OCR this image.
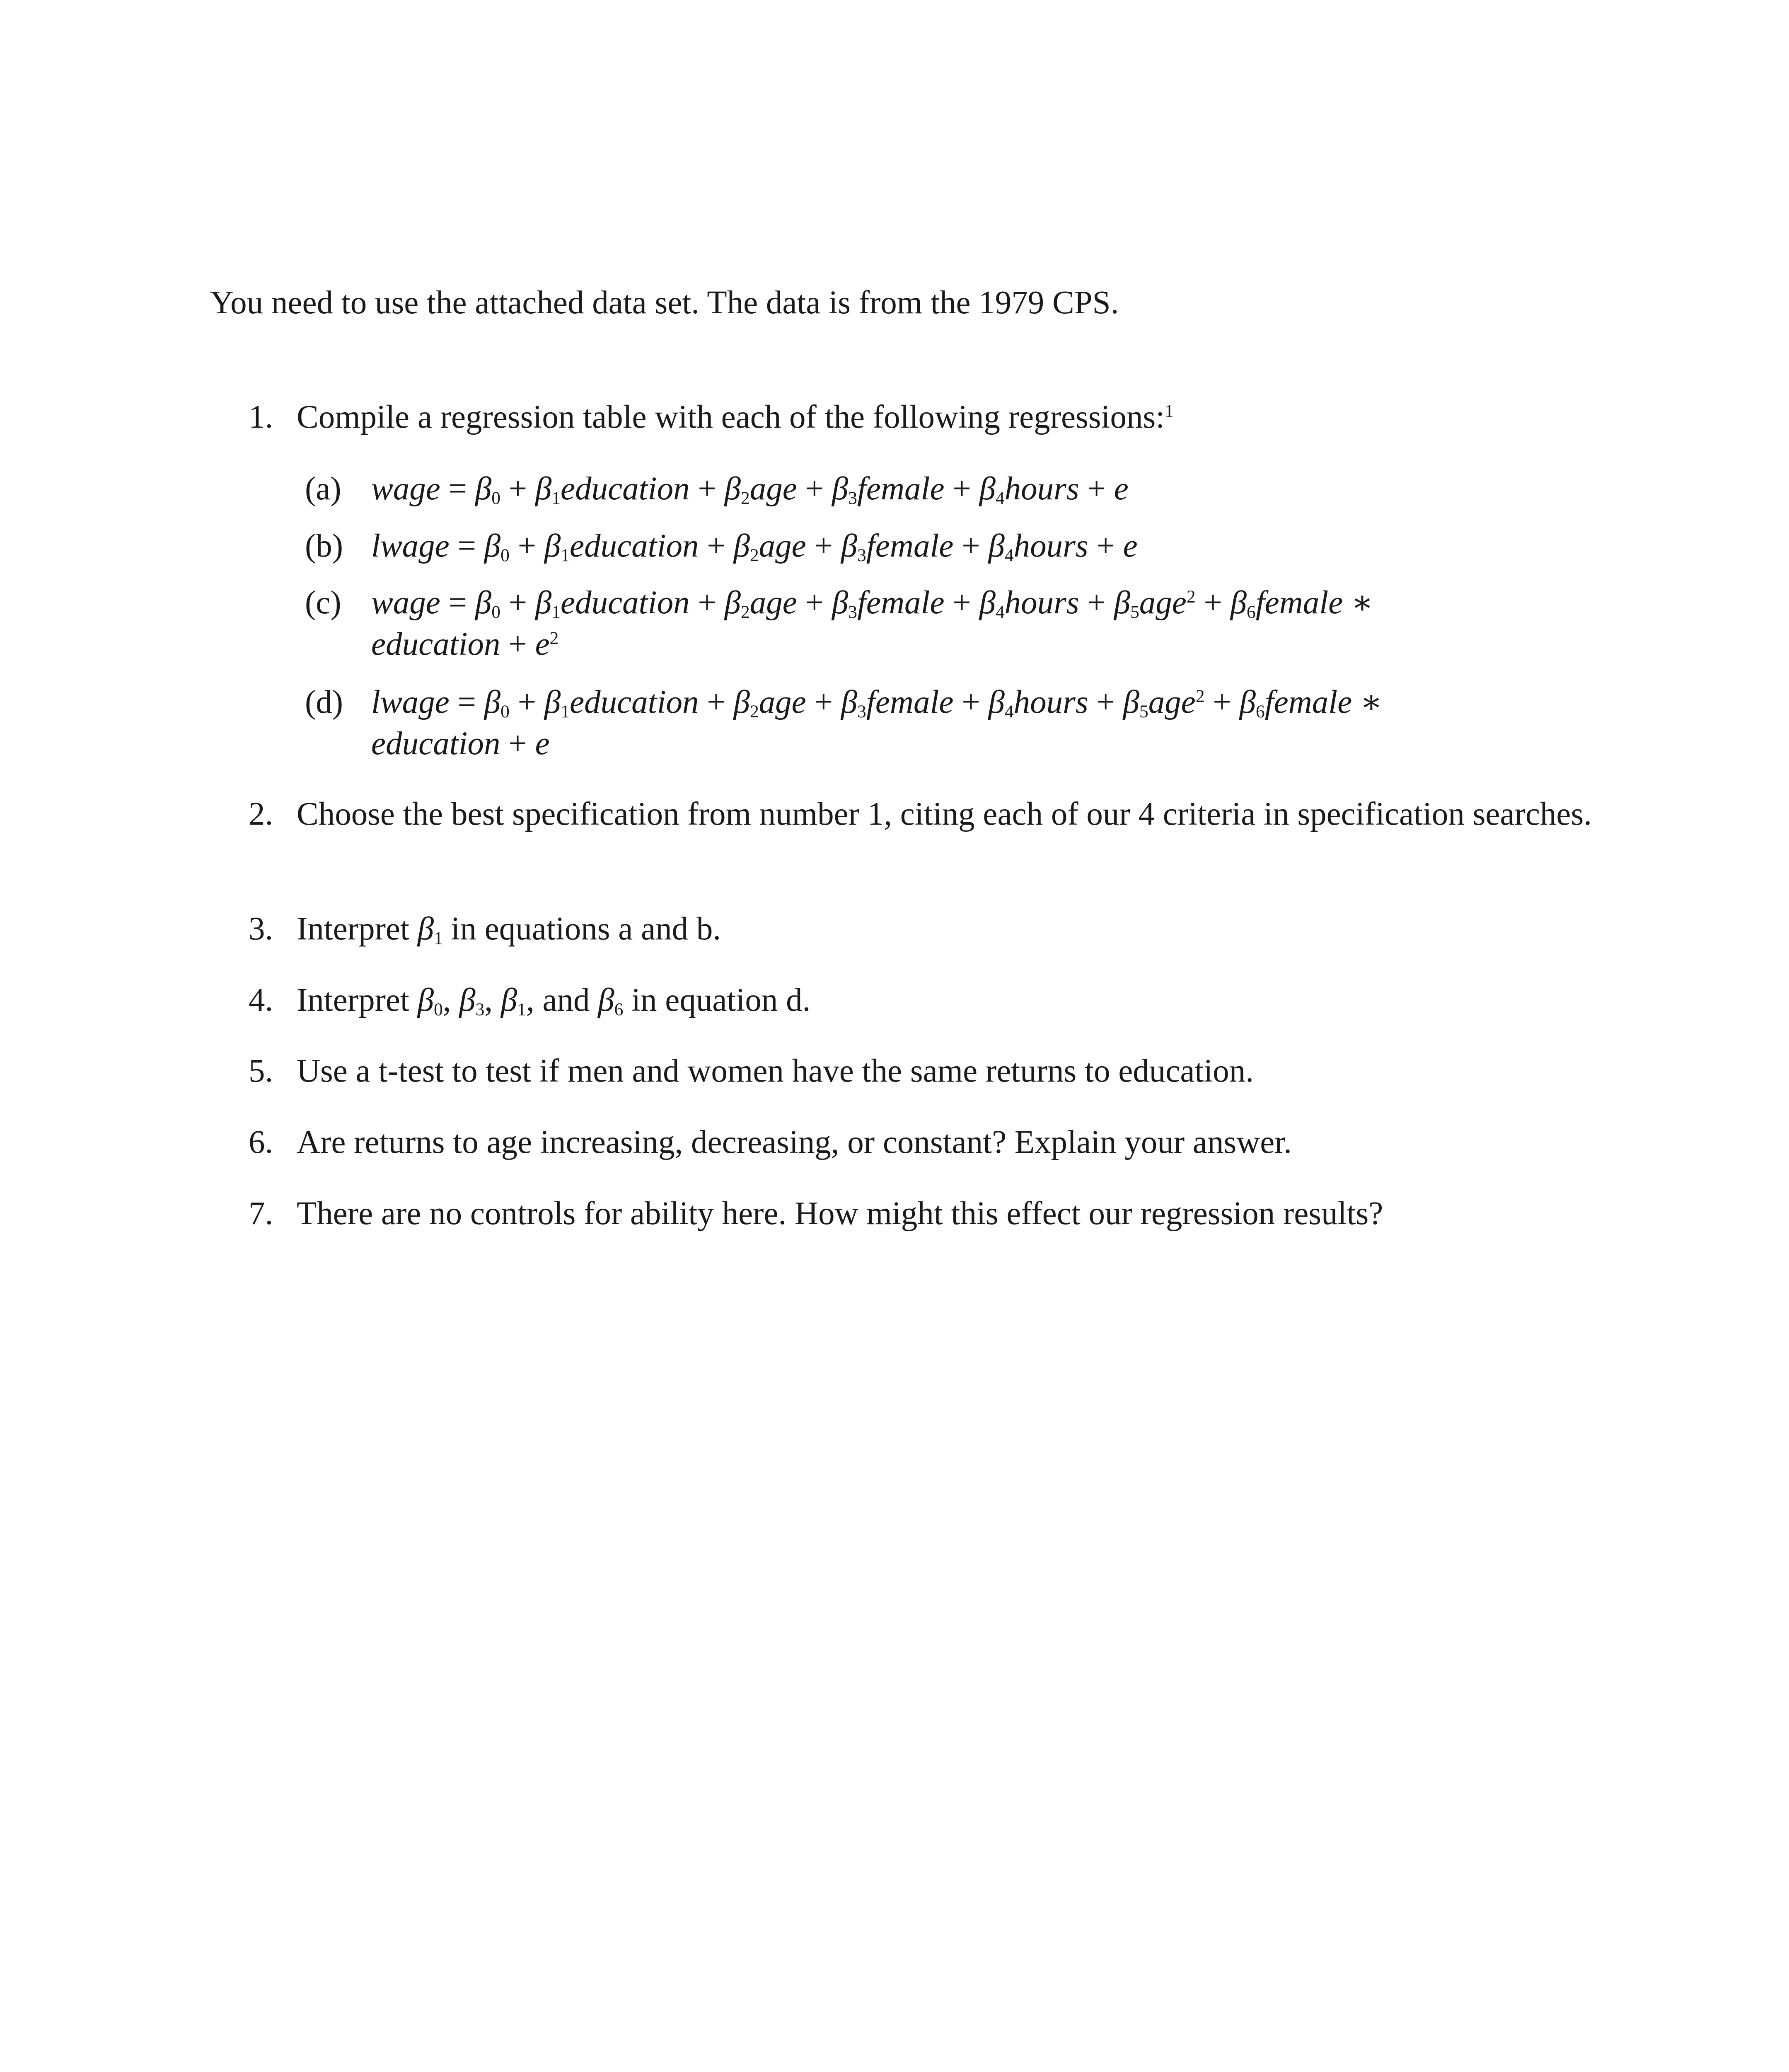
You need to use the attached data set. The data is from the 1979 CPS.
1. Compile a regression table with each of the following regressions:$^1$
(a) wage = $\beta_0$ + $\beta_1education + \beta_2age$ + $\beta_3female$ + $\beta_4hours + e$
(b) lwage = $\beta_0$ + $\beta_1education + \beta_2age$ + $\beta_3female$ + $\beta_4hours + e$
(c) wage = $\beta_0$ + $\beta_1education + \beta_2age$ + $\beta_3female$ + $\beta_4hours + \beta_5age^2$ + $\beta_6female$ ∗
education + $e^2$
(d) lwage = $\beta_0$ + $\beta_1education + \beta_2age$ + $\beta_3female$ + $\beta_4hours + \beta_5age^2$ + $\beta_6female$ ∗
education + e
2. Choose the best specification from number 1, citing each of our 4 criteria in specification searches.
3. Interpret $\beta_1$ in equations a and b.
4. Interpret $\beta_0$, $\beta_3$, $\beta_1$, and $\beta_6$ in equation d.
5. Use a t-test to test if men and women have the same returns to education.
6. Are returns to age increasing, decreasing, or constant? Explain your answer.
7. There are no controls for ability here. How might this effect our regression results?
